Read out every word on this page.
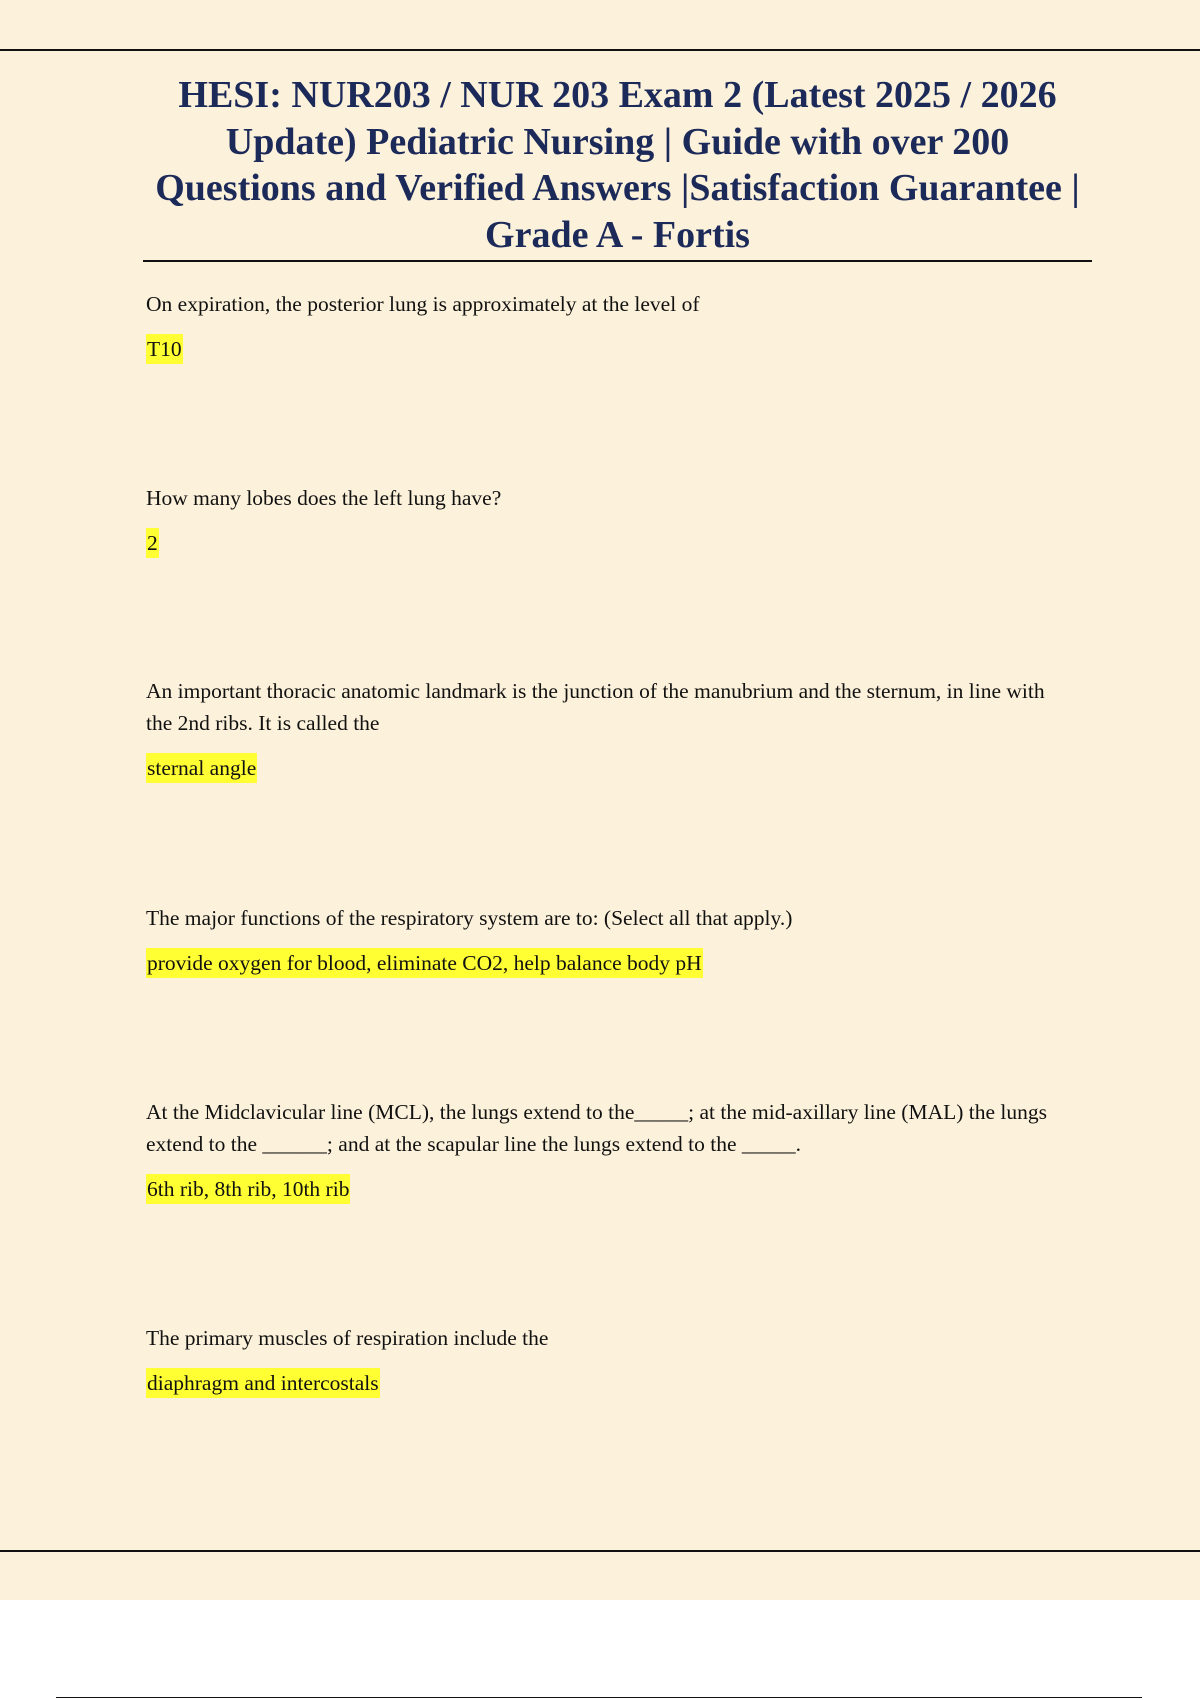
HESI: NUR203 / NUR 203 Exam 2 (Latest 2025 / 2026 Update) Pediatric Nursing | Guide with over 200 Questions and Verified Answers |Satisfaction Guarantee | Grade A - Fortis

On expiration, the posterior lung is approximately at the level of

T10

How many lobes does the left lung have?

2

An important thoracic anatomic landmark is the junction of the manubrium and the sternum, in line with the 2nd ribs. It is called the

sternal angle

The major functions of the respiratory system are to: (Select all that apply.)

provide oxygen for blood, eliminate CO2, help balance body pH

At the Midclavicular line (MCL), the lungs extend to the_____; at the mid-axillary line (MAL) the lungs extend to the ______; and at the scapular line the lungs extend to the _____.

6th rib, 8th rib, 10th rib

The primary muscles of respiration include the

diaphragm and intercostals
